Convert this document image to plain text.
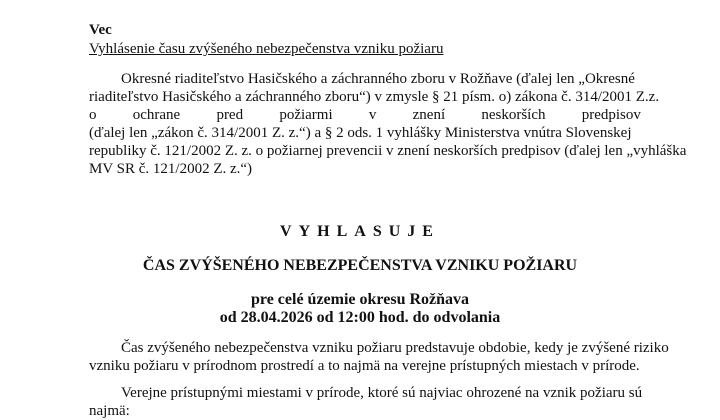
Vec
Vyhlásenie času zvýšeného nebezpečenstva vzniku požiaru
Okresné riaditeľstvo Hasičského a záchranného zboru v Rožňave (ďalej len „Okresné
riaditeľstvo Hasičského a záchranného zboru“) v zmysle § 21 písm. o) zákona č. 314/2001 Z.z.
o ochrane pred požiarmi v znení neskorších predpisov
(ďalej len „zákon č. 314/2001 Z. z.“) a § 2 ods. 1 vyhlášky Ministerstva vnútra Slovenskej
republiky č. 121/2002 Z. z. o požiarnej prevencii v znení neskorších predpisov (ďalej len „vyhláška
MV SR č. 121/2002 Z. z.“)
VYHLASUJE
ČAS ZVÝŠENÉHO NEBEZPEČENSTVA VZNIKU POŽIARU
pre celé územie okresu Rožňava
od 28.04.2026 od 12:00 hod. do odvolania
Čas zvýšeného nebezpečenstva vzniku požiaru predstavuje obdobie, kedy je zvýšené riziko
vzniku požiaru v prírodnom prostredí a to najmä na verejne prístupných miestach v prírode.
Verejne prístupnými miestami v prírode, ktoré sú najviac ohrozené na vznik požiaru sú
najmä:
